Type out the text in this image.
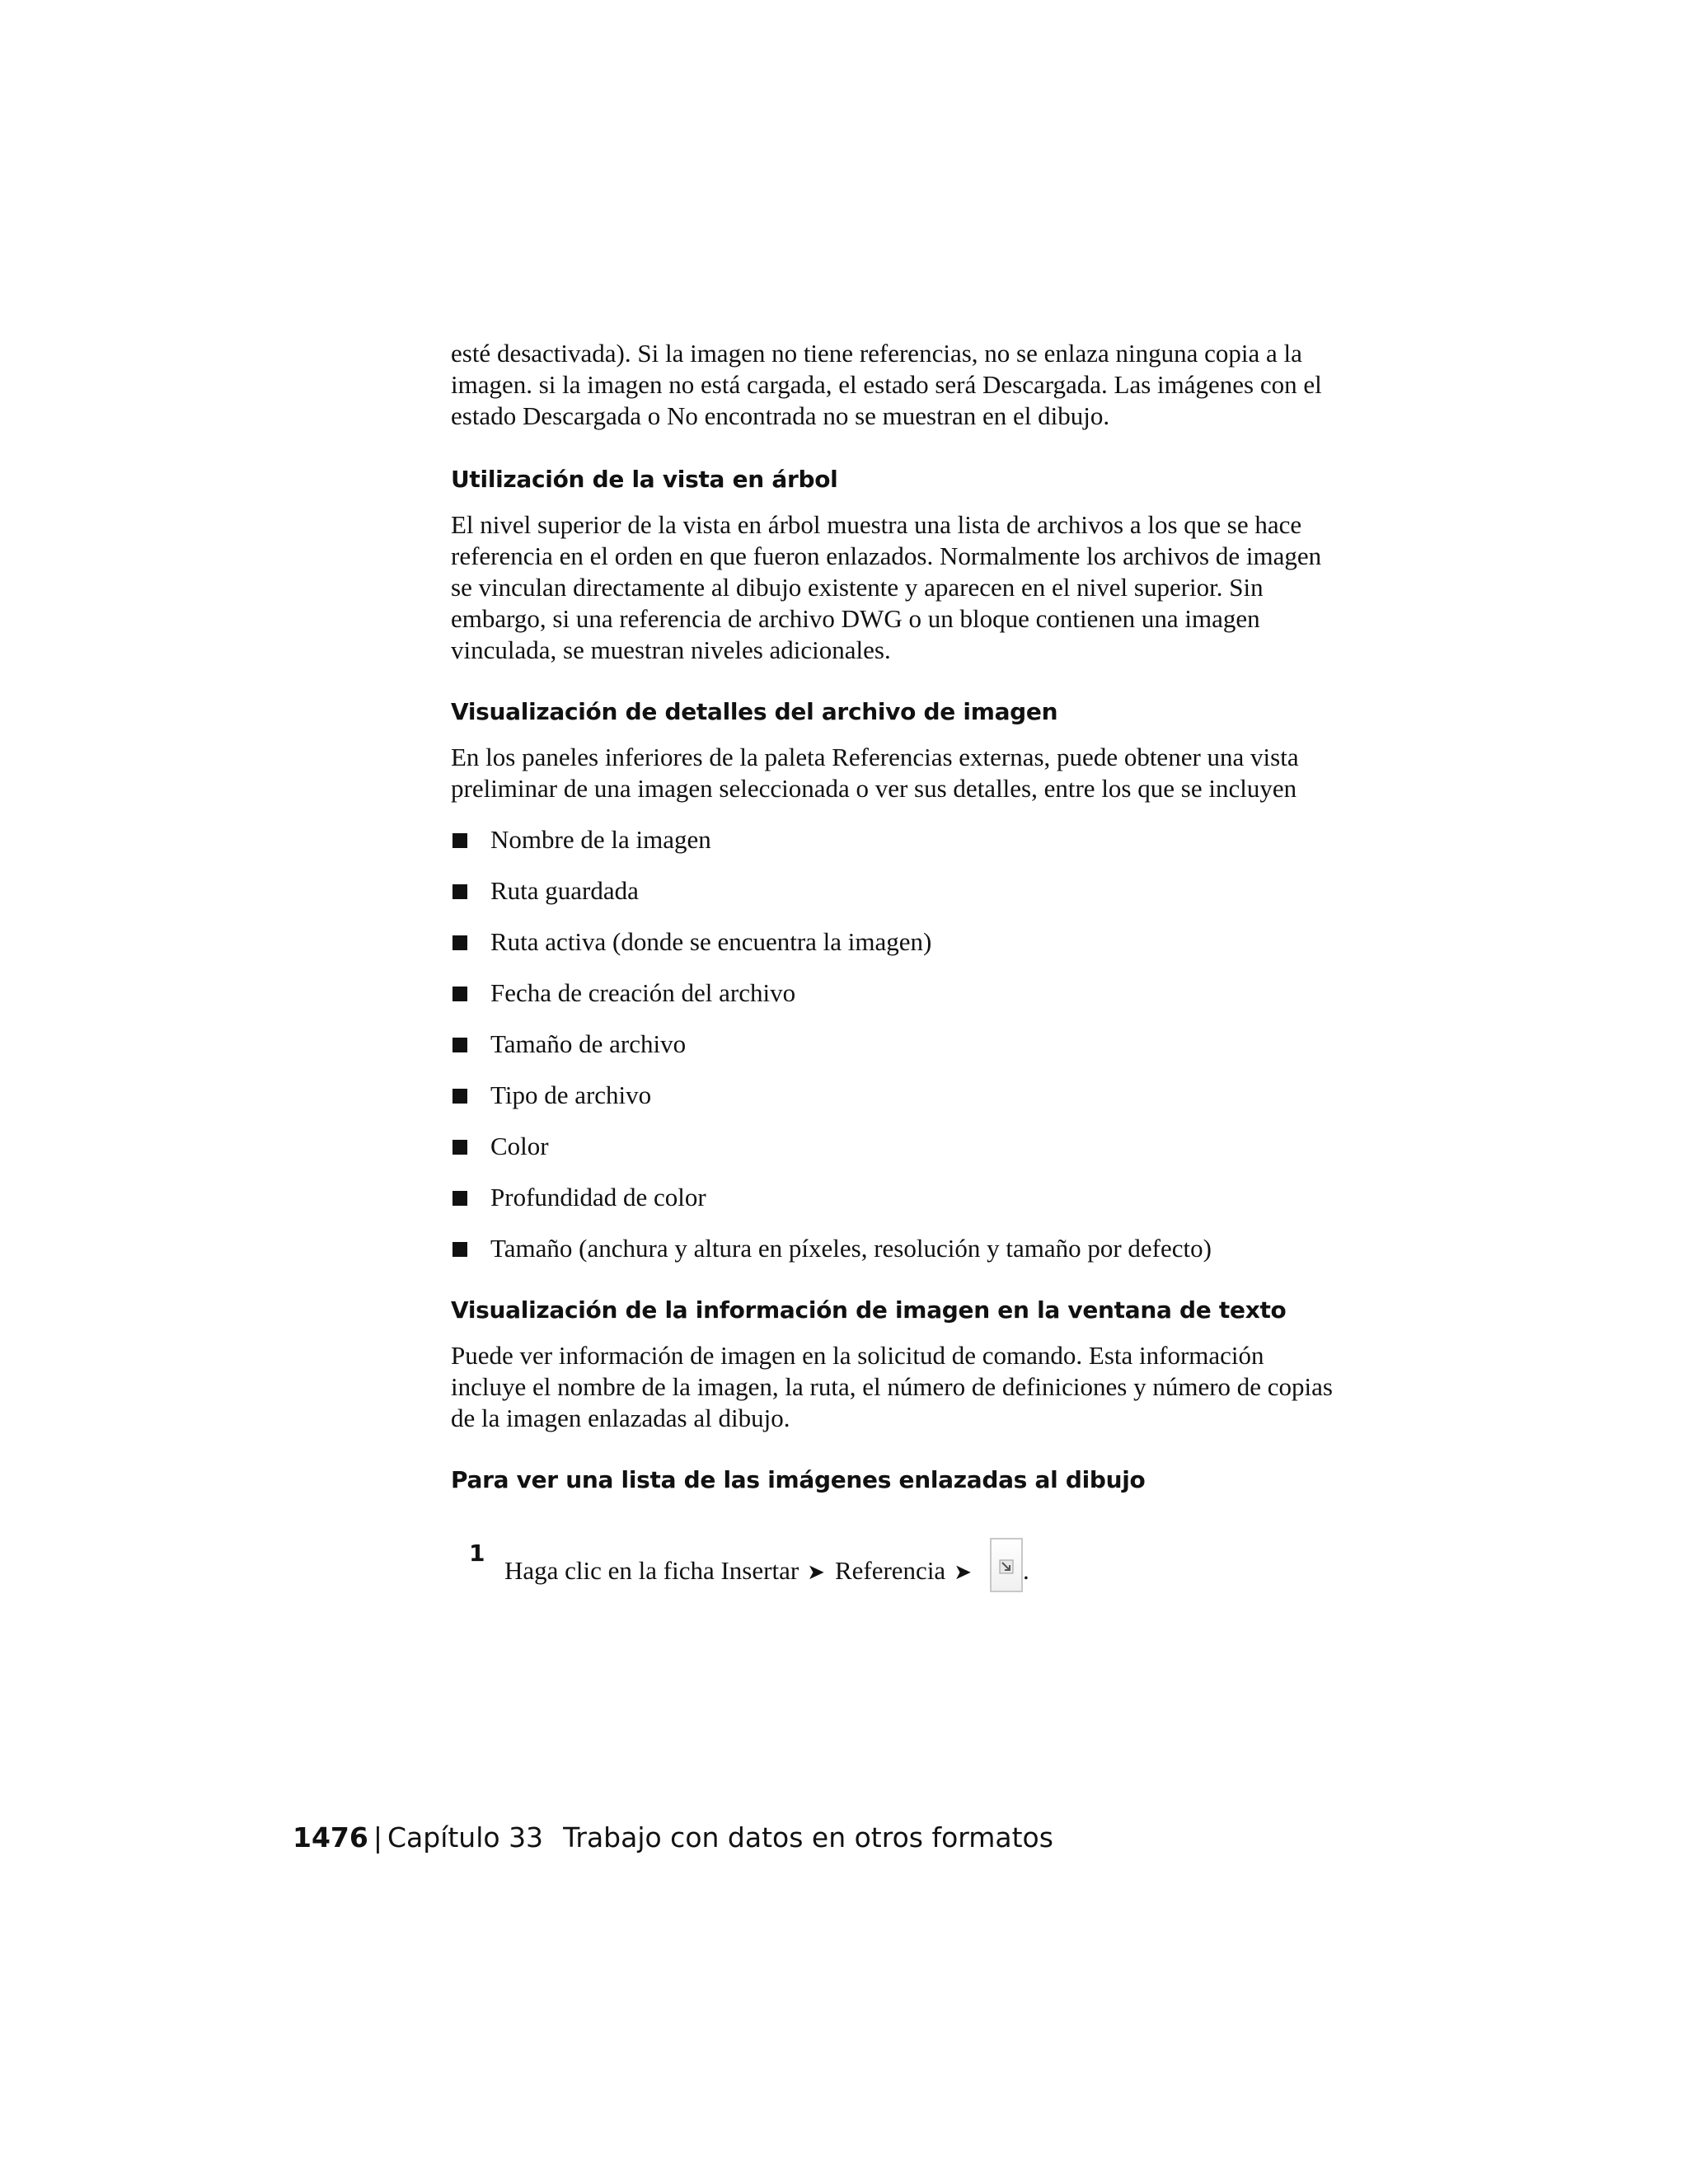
esté desactivada). Si la imagen no tiene referencias, no se enlaza ninguna copia a la imagen. si la imagen no está cargada, el estado será Descargada. Las imágenes con el estado Descargada o No encontrada no se muestran en el dibujo.

Utilización de la vista en árbol

El nivel superior de la vista en árbol muestra una lista de archivos a los que se hace referencia en el orden en que fueron enlazados. Normalmente los archivos de imagen se vinculan directamente al dibujo existente y aparecen en el nivel superior. Sin embargo, si una referencia de archivo DWG o un bloque contienen una imagen vinculada, se muestran niveles adicionales.

Visualización de detalles del archivo de imagen

En los paneles inferiores de la paleta Referencias externas, puede obtener una vista preliminar de una imagen seleccionada o ver sus detalles, entre los que se incluyen

Nombre de la imagen
Ruta guardada
Ruta activa (donde se encuentra la imagen)
Fecha de creación del archivo
Tamaño de archivo
Tipo de archivo
Color
Profundidad de color
Tamaño (anchura y altura en píxeles, resolución y tamaño por defecto)
Visualización de la información de imagen en la ventana de texto

Puede ver información de imagen en la solicitud de comando. Esta información incluye el nombre de la imagen, la ruta, el número de definiciones y número de copias de la imagen enlazadas al dibujo.

Para ver una lista de las imágenes enlazadas al dibujo
1
Haga clic en la ficha Insertar ➤ Referencia ➤ .
1476 | Capítulo 33 Trabajo con datos en otros formatos
